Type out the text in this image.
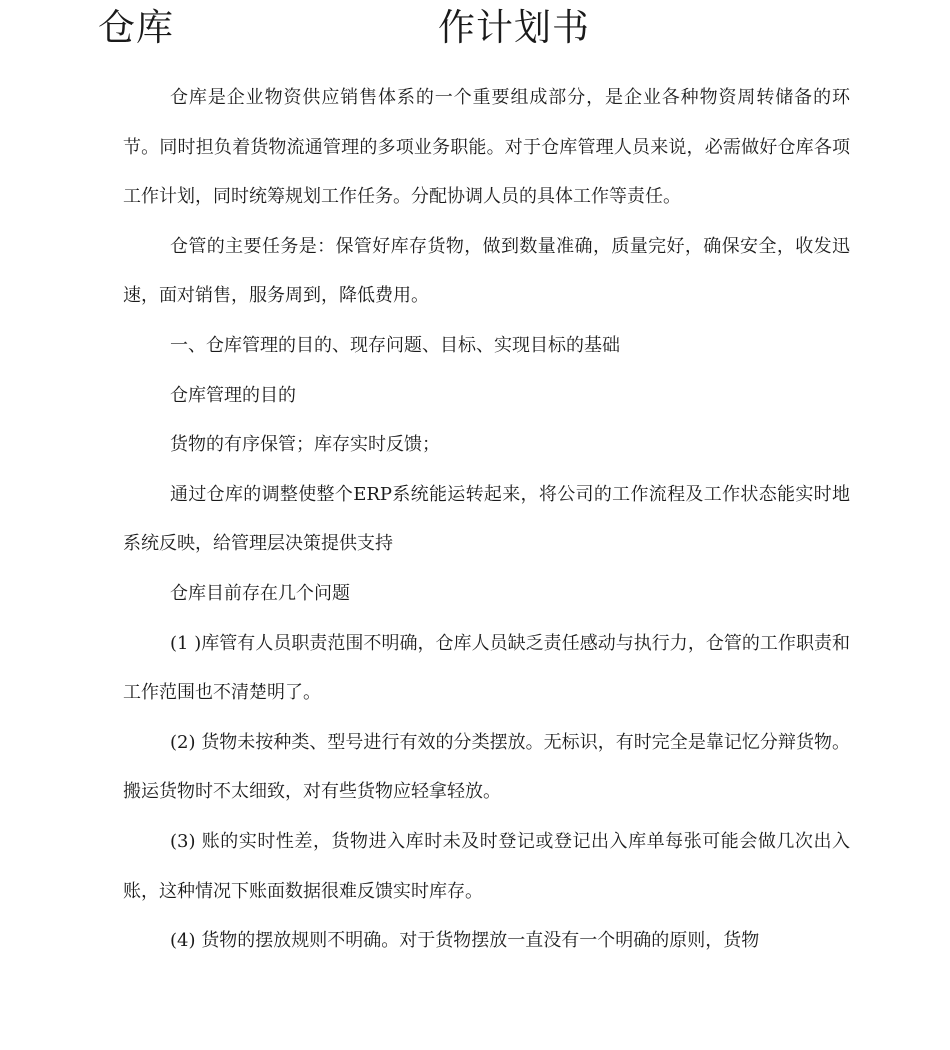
仓库	作计划书

仓库是企业物资供应销售体系的一个重要组成部分，是企业各种物资周转储备的环节。同时担负着货物流通管理的多项业务职能。对于仓库管理人员来说，必需做好仓库各项工作计划，同时统筹规划工作任务。分配协调人员的具体工作等责任。

仓管的主要任务是：保管好库存货物，做到数量准确，质量完好，确保安全，收发迅速，面对销售，服务周到，降低费用。

一、仓库管理的目的、现存问题、目标、实现目标的基础

仓库管理的目的

货物的有序保管；库存实时反馈；

通过仓库的调整使整个ERP系统能运转起来，将公司的工作流程及工作状态能实时地系统反映，给管理层决策提供支持

仓库目前存在几个问题

(1 )库管有人员职责范围不明确，仓库人员缺乏责任感动与执行力，仓管的工作职责和工作范围也不清楚明了。

(2) 货物未按种类、型号进行有效的分类摆放。无标识，有时完全是靠记忆分辩货物。搬运货物时不太细致，对有些货物应轻拿轻放。

(3) 账的实时性差，货物进入库时未及时登记或登记出入库单每张可能会做几次出入账，这种情况下账面数据很难反馈实时库存。

(4) 货物的摆放规则不明确。对于货物摆放一直没有一个明确的原则，货物
